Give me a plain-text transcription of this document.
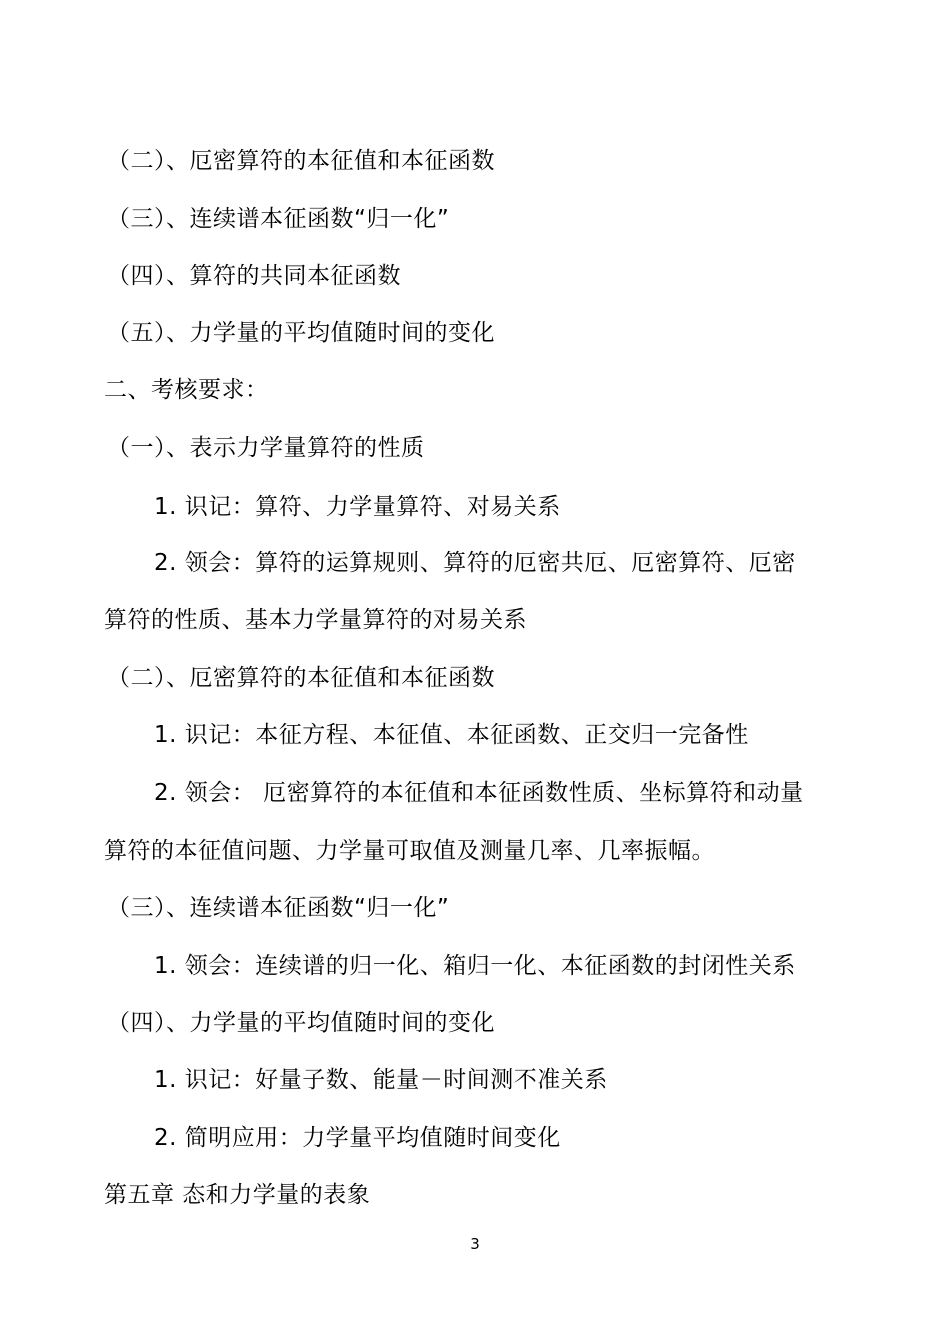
（二）、厄密算符的本征值和本征函数
（三）、连续谱本征函数“归一化”
（四）、算符的共同本征函数
（五）、力学量的平均值随时间的变化
二、考核要求：
（一）、表示力学量算符的性质
1. 识记：算符、力学量算符、对易关系
2. 领会：算符的运算规则、算符的厄密共厄、厄密算符、厄密
算符的性质、基本力学量算符的对易关系
（二）、厄密算符的本征值和本征函数
1. 识记：本征方程、本征值、本征函数、正交归一完备性
2. 领会： 厄密算符的本征值和本征函数性质、坐标算符和动量
算符的本征值问题、力学量可取值及测量几率、几率振幅。
（三）、连续谱本征函数“归一化”
1. 领会：连续谱的归一化、箱归一化、本征函数的封闭性关系
（四）、力学量的平均值随时间的变化
1. 识记：好量子数、能量－时间测不准关系
2. 简明应用：力学量平均值随时间变化
第五章 态和力学量的表象
3
